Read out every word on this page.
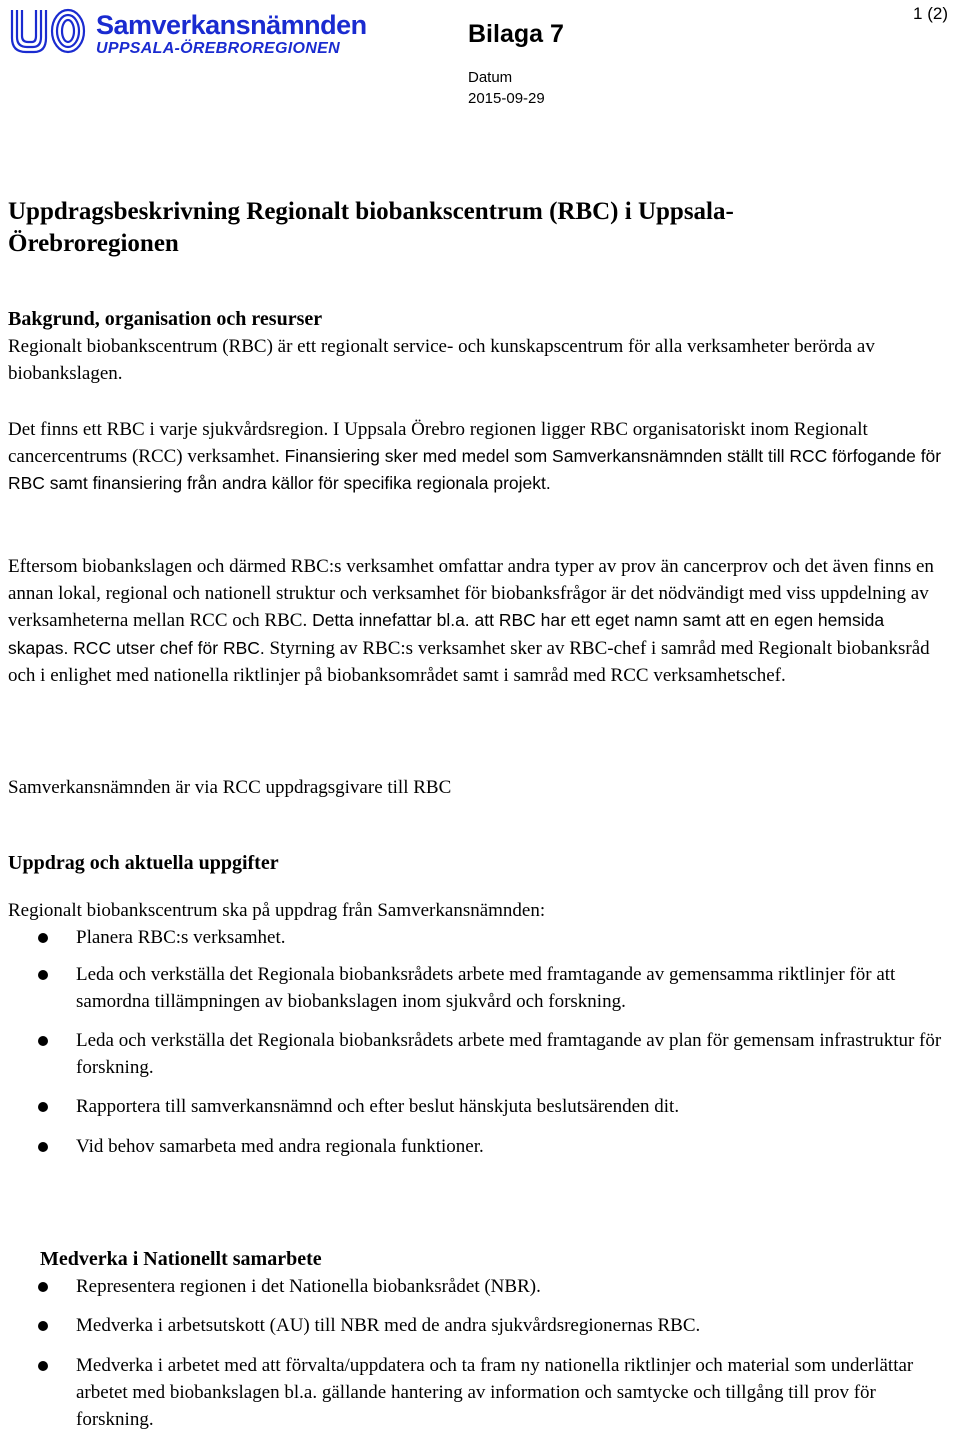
Samverkansnämnden
UPPSALA-ÖREBROREGIONEN
Bilaga 7
1 (2)
Datum
2015-09-29
Uppdragsbeskrivning Regionalt biobankscentrum (RBC) i Uppsala-
Örebroregionen
Bakgrund, organisation och resurser

Regionalt biobankscentrum (RBC) är ett regionalt service- och kunskapscentrum för alla verksamheter berörda av biobankslagen.

Det finns ett RBC i varje sjukvårdsregion. I Uppsala Örebro regionen ligger RBC organisatoriskt inom Regionalt cancercentrums (RCC) verksamhet. Finansiering sker med medel som Samverkansnämnden ställt till RCC förfogande för RBC samt finansiering från andra källor för specifika regionala projekt.

Eftersom biobankslagen och därmed RBC:s verksamhet omfattar andra typer av prov än cancerprov och det även finns en annan lokal, regional och nationell struktur och verksamhet för biobanksfrågor är det nödvändigt med viss uppdelning av verksamheterna mellan RCC och RBC. Detta innefattar bl.a. att RBC har ett eget namn samt att en egen hemsida skapas. RCC utser chef för RBC. Styrning av RBC:s verksamhet sker av RBC-chef i samråd med Regionalt biobanksråd och i enlighet med nationella riktlinjer på biobanksområdet samt i samråd med RCC verksamhetschef.

Samverkansnämnden är via RCC uppdragsgivare till RBC

Uppdrag och aktuella uppgifter

Regionalt biobankscentrum ska på uppdrag från Samverkansnämnden:

Planera RBC:s verksamhet.
Leda och verkställa det Regionala biobanksrådets arbete med framtagande av gemensamma riktlinjer för att samordna tillämpningen av biobankslagen inom sjukvård och forskning.
Leda och verkställa det Regionala biobanksrådets arbete med framtagande av plan för gemensam infrastruktur för forskning.
Rapportera till samverkansnämnd och efter beslut hänskjuta beslutsärenden dit.
Vid behov samarbeta med andra regionala funktioner.
Medverka i Nationellt samarbete
Representera regionen i det Nationella biobanksrådet (NBR).
Medverka i arbetsutskott (AU) till NBR med de andra sjukvårdsregionernas RBC.
Medverka i arbetet med att förvalta/uppdatera och ta fram ny nationella riktlinjer och material som underlättar arbetet med biobankslagen bl.a. gällande hantering av information och samtycke och tillgång till prov för forskning.
